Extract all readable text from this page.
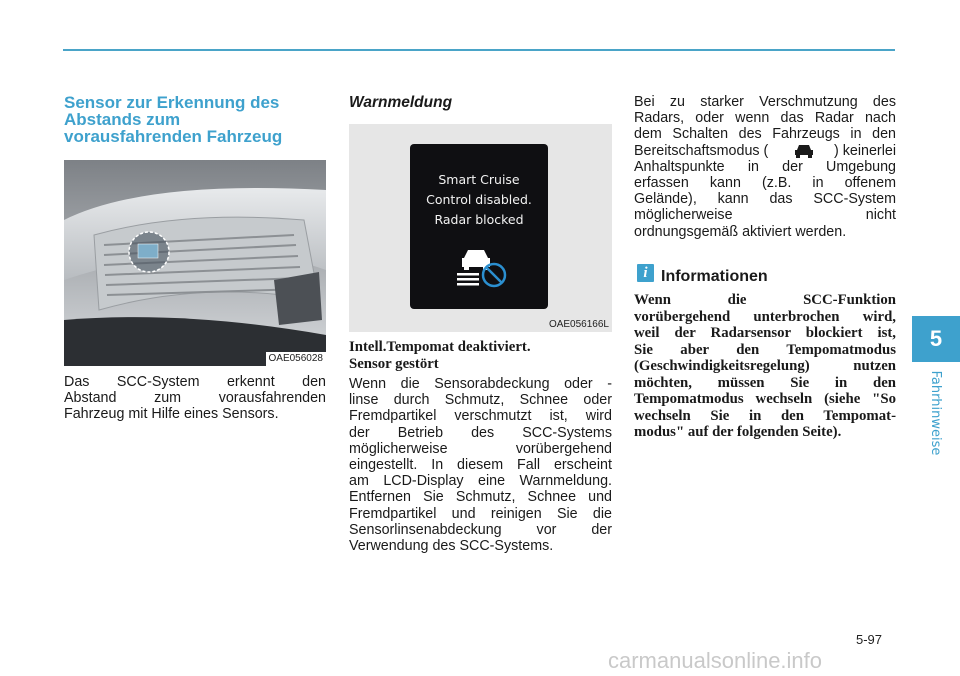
Sensor zur Erkennung des
Abstands zum
vorausfahrenden Fahrzeug
OAE056028

Das SCC-System erkennt den
Abstand zum vorausfahrenden
Fahrzeug mit Hilfe eines Sensors.

Warnmeldung
Smart Cruise
Control disabled.
Radar blocked
OAE056166L

Intell.Tempomat deaktiviert.
Sensor gestört

Wenn die Sensorabdeckung oder -
linse durch Schmutz, Schnee oder
Fremdpartikel verschmutzt ist, wird
der Betrieb des SCC-Systems
möglicherweise vorübergehend
eingestellt. In diesem Fall erscheint
am LCD-Display eine Warnmeldung.
Entfernen Sie Schmutz, Schnee und
Fremdpartikel und reinigen Sie die
Sensorlinsenabdeckung vor der
Verwendung des SCC-Systems.

Bei zu starker Verschmutzung des
Radars, oder wenn das Radar nach
dem Schalten des Fahrzeugs in den
Bereitschaftsmodus (	) keinerlei
Anhaltspunkte in der Umgebung
erfassen kann (z.B. in offenem
Gelände), kann das SCC-System
möglicherweise nicht
ordnungsgemäß aktiviert werden.

i Informationen

Wenn die SCC-Funktion
vorübergehend unterbrochen wird,
weil der Radarsensor blockiert ist,
Sie aber den Tempomatmodus
(Geschwindigkeitsregelung) nutzen
möchten, müssen Sie in den
Tempomatmodus wechseln (siehe "So
wechseln Sie in den Tempomat-
modus" auf der folgenden Seite).

5
Fahrhinweise
5-97
carmanualsonline.info
